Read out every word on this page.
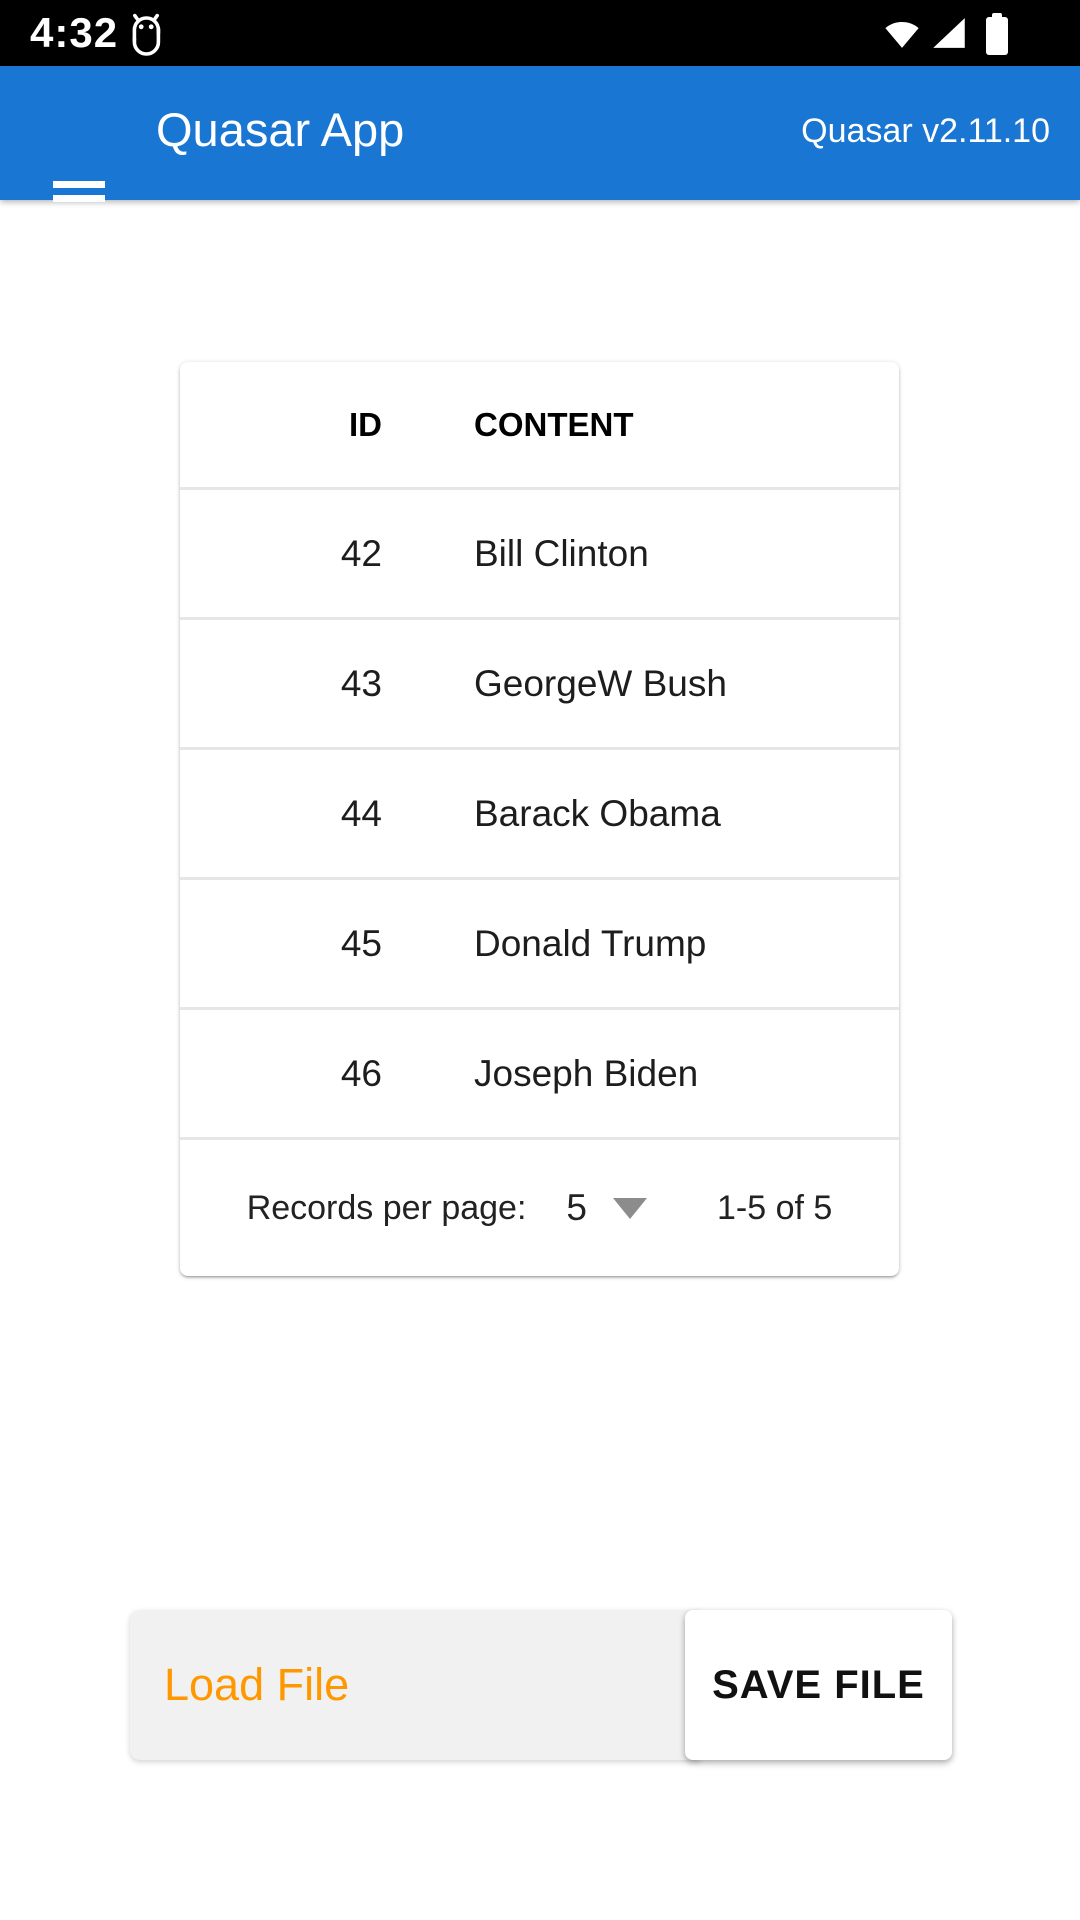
4:32
Quasar App	Quasar v2.11.10
ID	CONTENT
42 Bill Clinton
43 GeorgeW Bush
44 Barack Obama
45 Donald Trump
46 Joseph Biden
Records per page: 5	1-5 of 5
Load File	SAVE FILE
